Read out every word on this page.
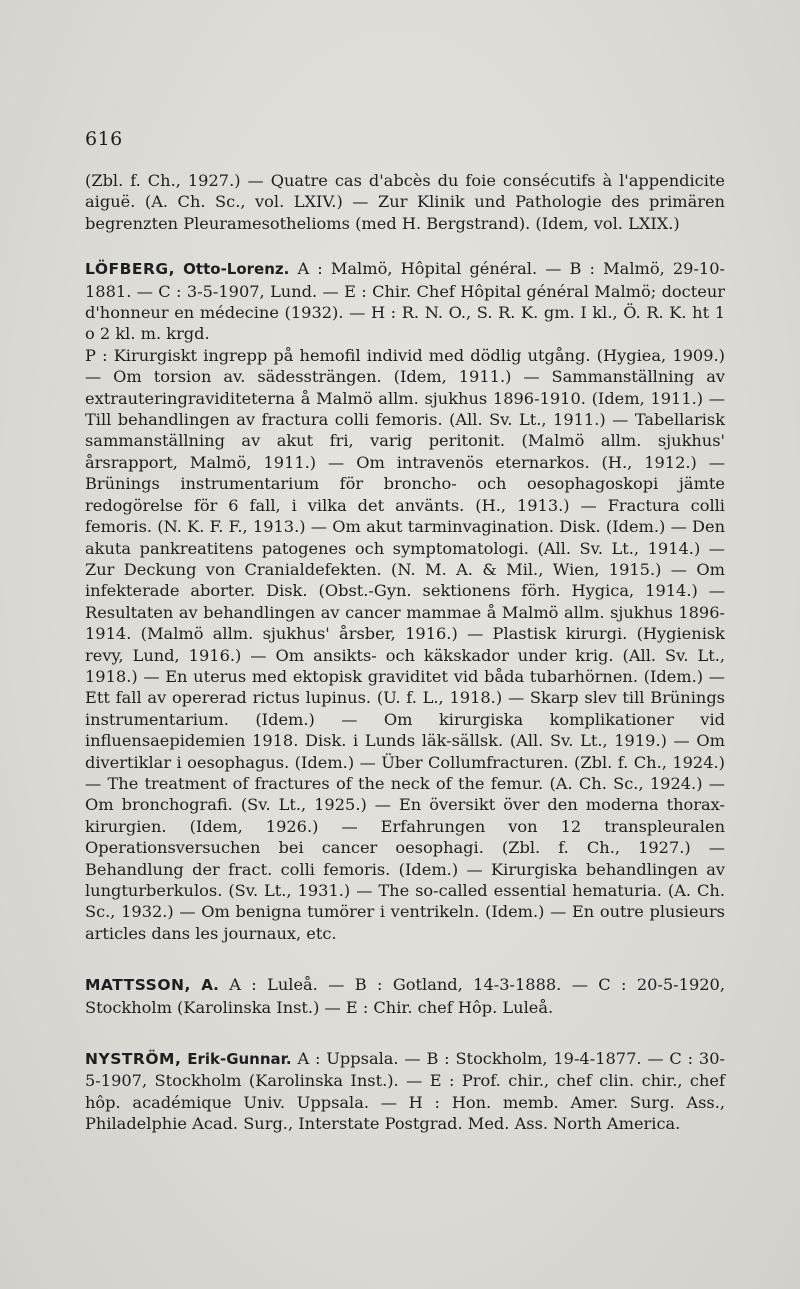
616

(Zbl. f. Ch., 1927.) — Quatre cas d'abcès du foie consécutifs à l'appendicite aiguë. (A. Ch. Sc., vol. LXIV.) — Zur Klinik und Pathologie des primären begrenzten Pleuramesothelioms (med H. Bergstrand). (Idem, vol. LXIX.)

LÖFBERG, Otto-Lorenz. A : Malmö, Hôpital général. — B : Malmö, 29-10-1881. — C : 3-5-1907, Lund. — E : Chir. Chef Hôpital général Malmö; docteur d'honneur en médecine (1932). — H : R. N. O., S. R. K. gm. I kl., Ö. R. K. ht 1 o 2 kl. m. krgd.

P : Kirurgiskt ingrepp på hemofil individ med dödlig utgång. (Hygiea, 1909.) — Om torsion av. sädessträngen. (Idem, 1911.) — Sammanställning av extrauteringraviditeterna å Malmö allm. sjukhus 1896-1910. (Idem, 1911.) — Till behandlingen av fractura colli femoris. (All. Sv. Lt., 1911.) — Tabellarisk sammanställning av akut fri, varig peritonit. (Malmö allm. sjukhus' årsrapport, Malmö, 1911.) — Om intravenös eternarkos. (H., 1912.) — Brünings instrumentarium för broncho- och oesophagoskopi jämte redogörelse för 6 fall, i vilka det använts. (H., 1913.) — Fractura colli femoris. (N. K. F. F., 1913.) — Om akut tarminvagination. Disk. (Idem.) — Den akuta pankreatitens patogenes och symptomatologi. (All. Sv. Lt., 1914.) — Zur Deckung von Cranialdefekten. (N. M. A. & Mil., Wien, 1915.) — Om infekterade aborter. Disk. (Obst.-Gyn. sektionens förh. Hygica, 1914.) — Resultaten av behandlingen av cancer mammae å Malmö allm. sjukhus 1896-1914. (Malmö allm. sjukhus' årsber, 1916.) — Plastisk kirurgi. (Hygienisk revy, Lund, 1916.) — Om ansikts- och käkskador under krig. (All. Sv. Lt., 1918.) — En uterus med ektopisk graviditet vid båda tubarhörnen. (Idem.) — Ett fall av opererad rictus lupinus. (U. f. L., 1918.) — Skarp slev till Brünings instrumentarium. (Idem.) — Om kirurgiska komplikationer vid influensaepidemien 1918. Disk. i Lunds läk-sällsk. (All. Sv. Lt., 1919.) — Om divertiklar i oesophagus. (Idem.) — Über Collumfracturen. (Zbl. f. Ch., 1924.) — The treatment of fractures of the neck of the femur. (A. Ch. Sc., 1924.) — Om bronchografi. (Sv. Lt., 1925.) — En översikt över den moderna thorax-kirurgien. (Idem, 1926.) — Erfahrungen von 12 transpleuralen Operationsversuchen bei cancer oesophagi. (Zbl. f. Ch., 1927.) — Behandlung der fract. colli femoris. (Idem.) — Kirurgiska behandlingen av lungturberkulos. (Sv. Lt., 1931.) — The so-called essential hematuria. (A. Ch. Sc., 1932.) — Om benigna tumörer i ventrikeln. (Idem.) — En outre plusieurs articles dans les journaux, etc.

MATTSSON, A. A : Luleå. — B : Gotland, 14-3-1888. — C : 20-5-1920, Stockholm (Karolinska Inst.) — E : Chir. chef Hôp. Luleå.

NYSTRÖM, Erik-Gunnar. A : Uppsala. — B : Stockholm, 19-4-1877. — C : 30-5-1907, Stockholm (Karolinska Inst.). — E : Prof. chir., chef clin. chir., chef hôp. académique Univ. Uppsala. — H : Hon. memb. Amer. Surg. Ass., Philadelphie Acad. Surg., Interstate Postgrad. Med. Ass. North America.
